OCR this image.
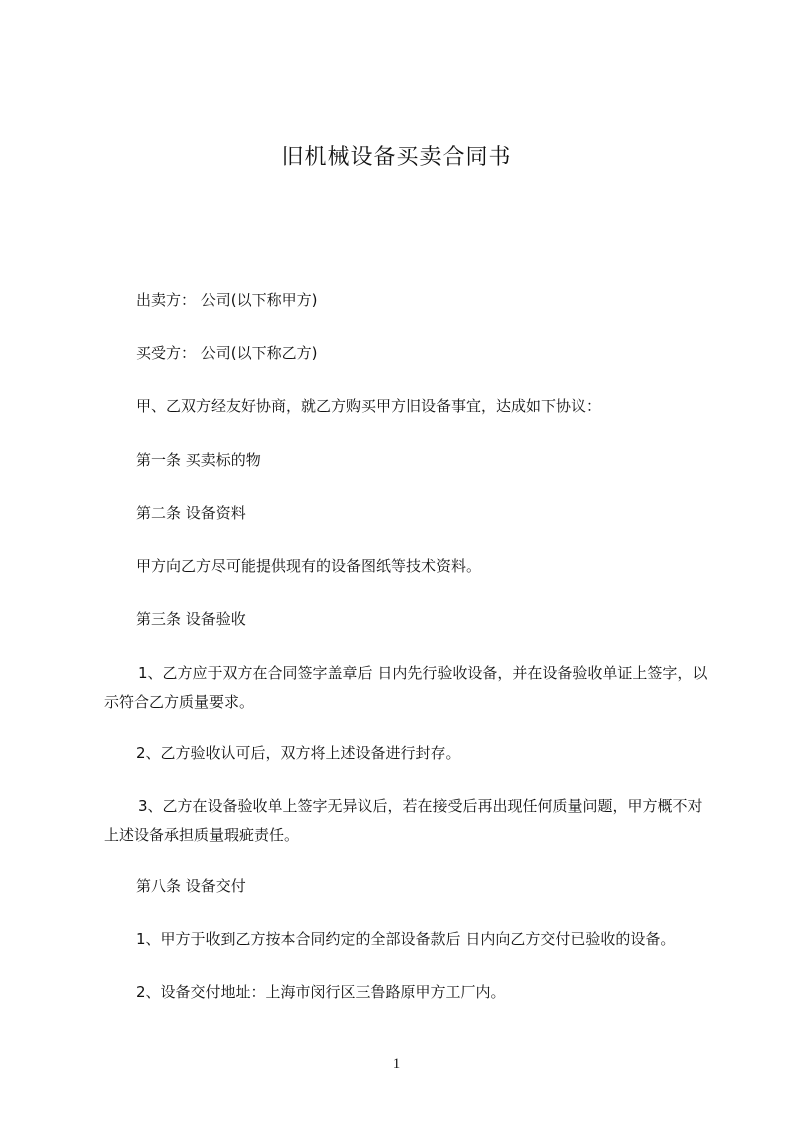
旧机械设备买卖合同书

出卖方： 公司(以下称甲方)

买受方： 公司(以下称乙方)

甲、乙双方经友好协商，就乙方购买甲方旧设备事宜，达成如下协议：

第一条 买卖标的物

第二条 设备资料

甲方向乙方尽可能提供现有的设备图纸等技术资料。

第三条 设备验收

1、乙方应于双方在合同签字盖章后 日内先行验收设备，并在设备验收单证上签字，以示符合乙方质量要求。

2、乙方验收认可后，双方将上述设备进行封存。

3、乙方在设备验收单上签字无异议后，若在接受后再出现任何质量问题，甲方概不对上述设备承担质量瑕疵责任。

第八条 设备交付

1、甲方于收到乙方按本合同约定的全部设备款后 日内向乙方交付已验收的设备。

2、设备交付地址：上海市闵行区三鲁路原甲方工厂内。

1
